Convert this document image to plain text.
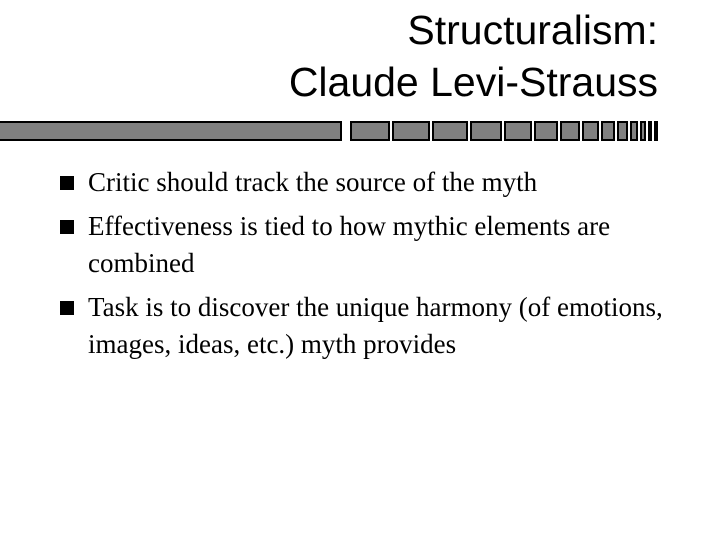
Structuralism:
Claude Levi-Strauss
Critic should track the source of the myth
Effectiveness is tied to how mythic elements are combined
Task is to discover the unique harmony (of emotions, images, ideas, etc.) myth provides
